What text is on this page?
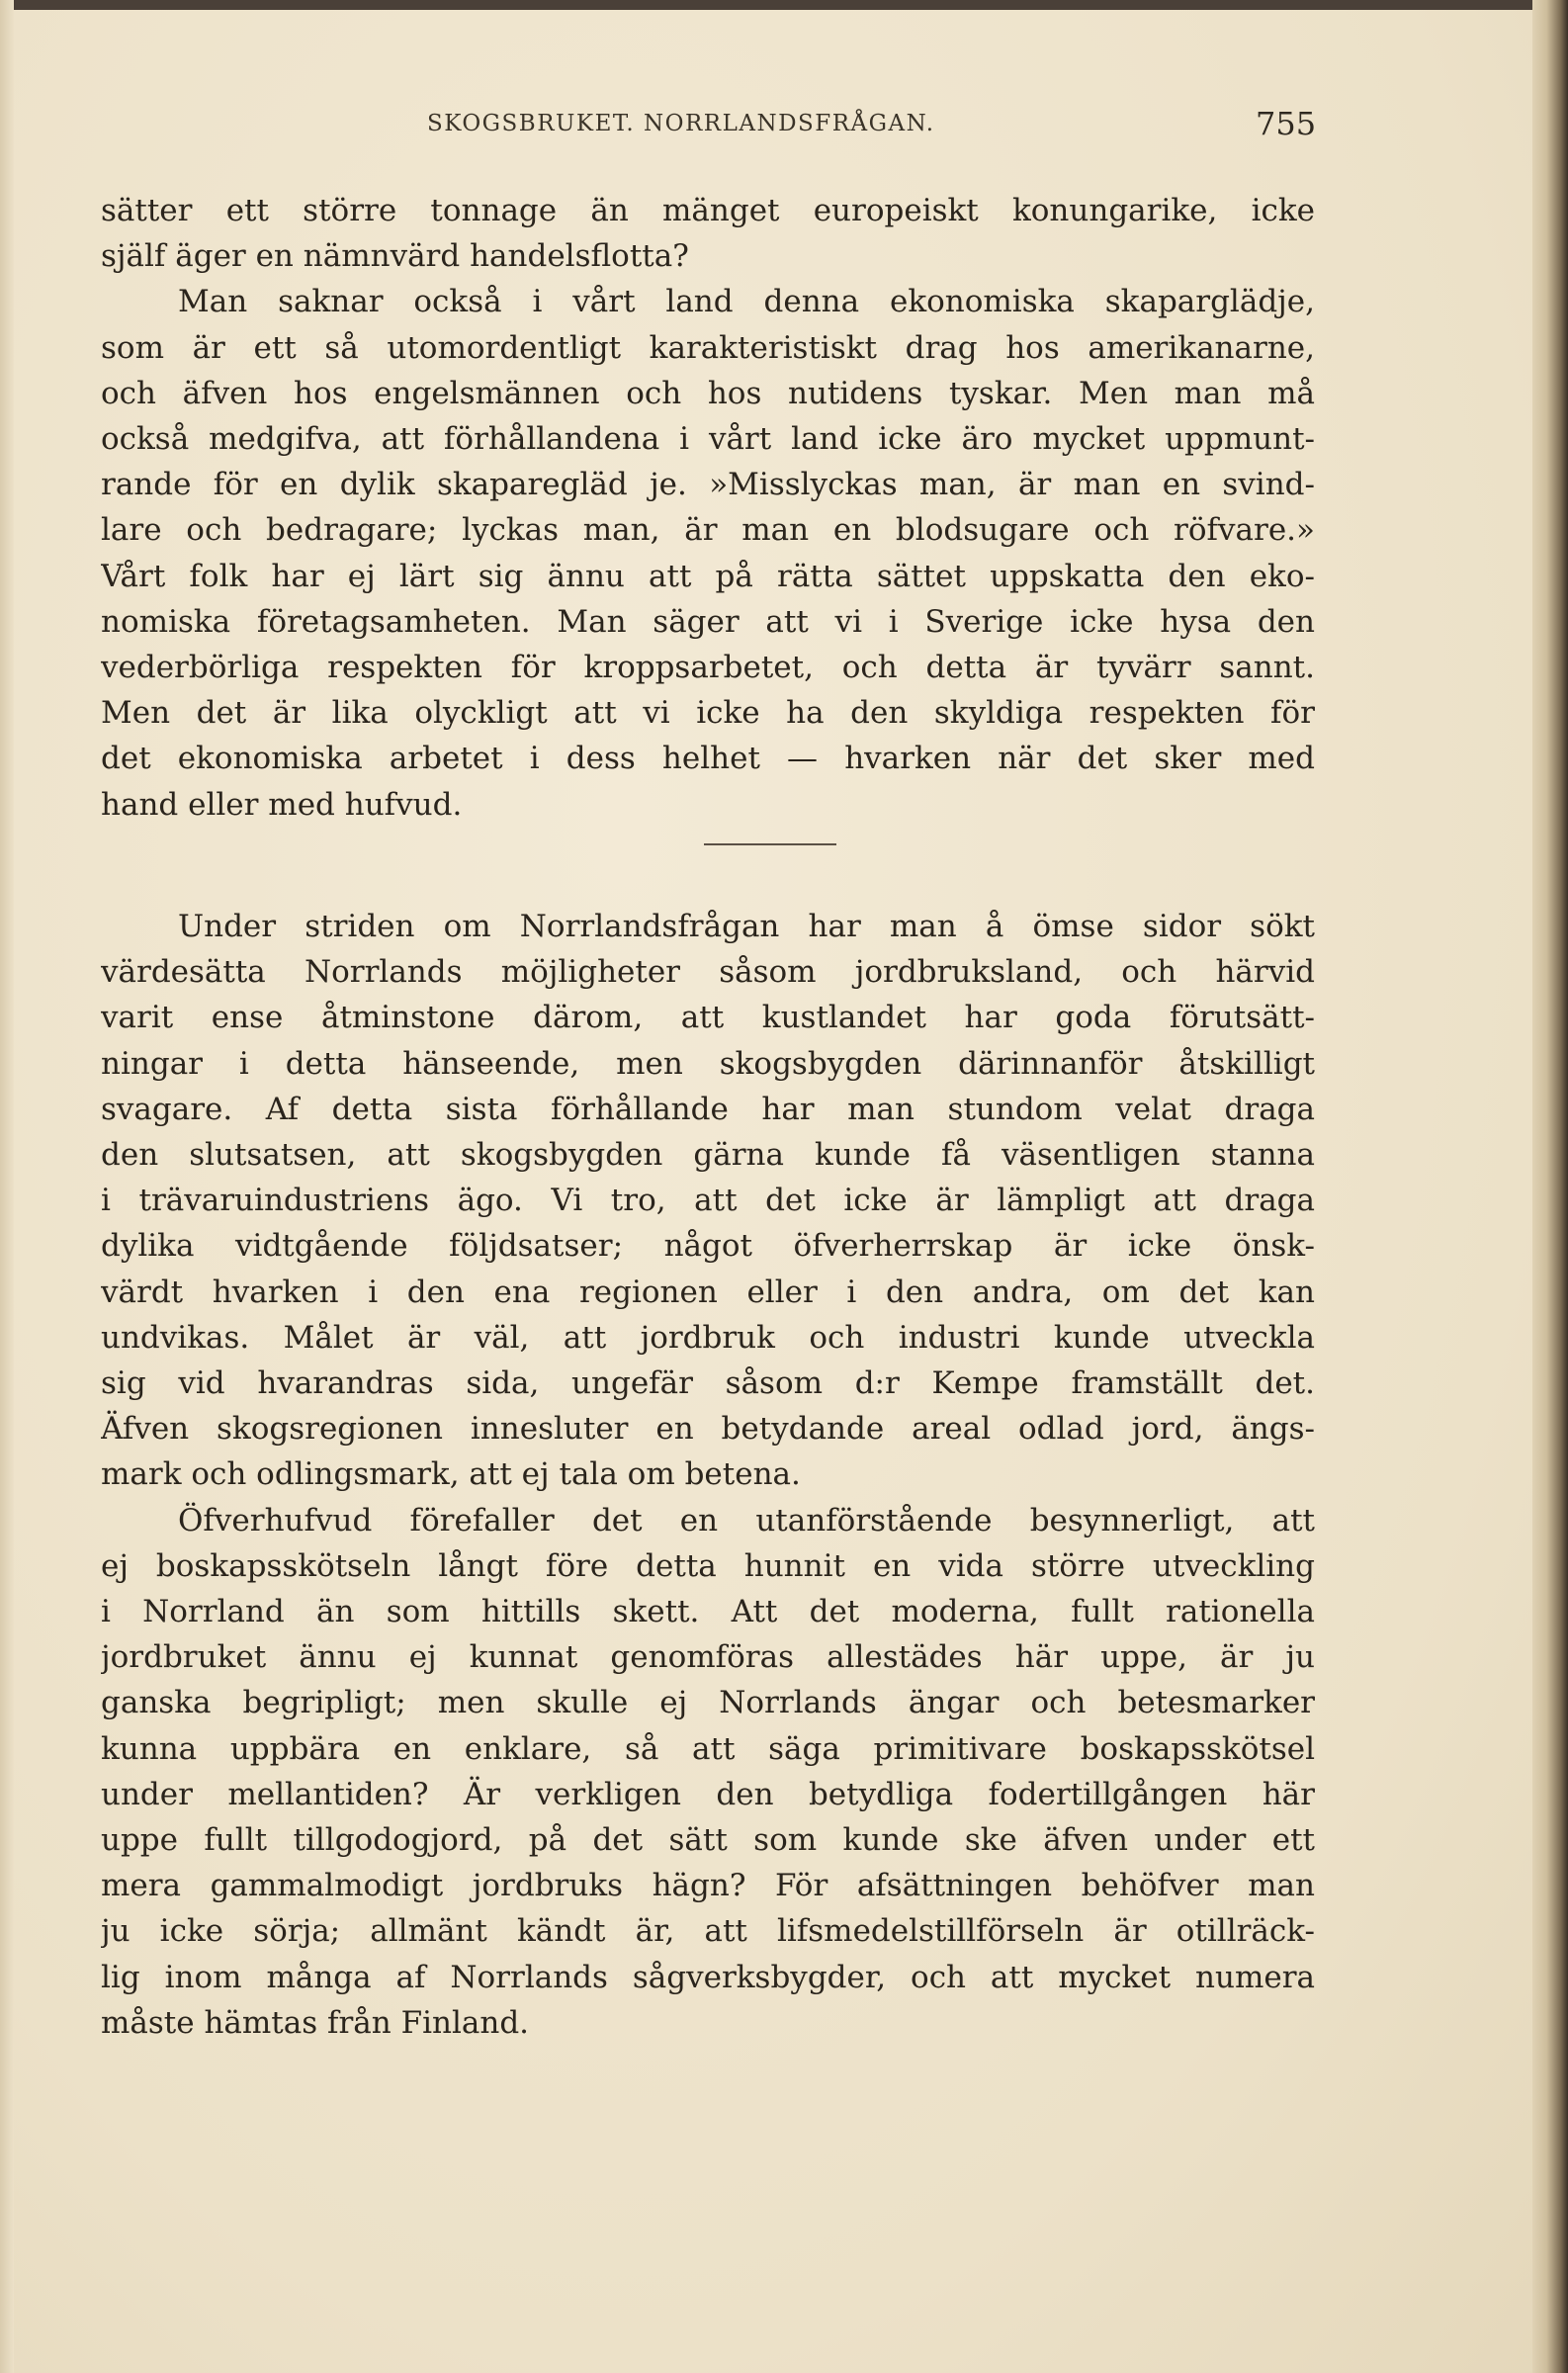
SKOGSBRUKET. NORRLANDSFRÅGAN.	755
sätter ett större tonnage än mänget europeiskt konungarike, icke
själf äger en nämnvärd handelsflotta?
Man saknar också i vårt land denna ekonomiska skaparglädje,
som är ett så utomordentligt karakteristiskt drag hos amerikanarne,
och äfven hos engelsmännen och hos nutidens tyskar. Men man må
också medgifva, att förhållandena i vårt land icke äro mycket uppmunt-
rande för en dylik skaparegläd je. »Misslyckas man, är man en svind-
lare och bedragare; lyckas man, är man en blodsugare och röfvare.»
Vårt folk har ej lärt sig ännu att på rätta sättet uppskatta den eko-
nomiska företagsamheten. Man säger att vi i Sverige icke hysa den
vederbörliga respekten för kroppsarbetet, och detta är tyvärr sannt.
Men det är lika olyckligt att vi icke ha den skyldiga respekten för
det ekonomiska arbetet i dess helhet — hvarken när det sker med
hand eller med hufvud.
Under striden om Norrlandsfrågan har man å ömse sidor sökt
värdesätta Norrlands möjligheter såsom jordbruksland, och härvid
varit ense åtminstone därom, att kustlandet har goda förutsätt-
ningar i detta hänseende, men skogsbygden därinnanför åtskilligt
svagare. Af detta sista förhållande har man stundom velat draga
den slutsatsen, att skogsbygden gärna kunde få väsentligen stanna
i trävaruindustriens ägo. Vi tro, att det icke är lämpligt att draga
dylika vidtgående följdsatser; något öfverherrskap är icke önsk-
värdt hvarken i den ena regionen eller i den andra, om det kan
undvikas. Målet är väl, att jordbruk och industri kunde utveckla
sig vid hvarandras sida, ungefär såsom d:r Kempe framställt det.
Äfven skogsregionen innesluter en betydande areal odlad jord, ängs-
mark och odlingsmark, att ej tala om betena.
Öfverhufvud förefaller det en utanförstående besynnerligt, att
ej boskapsskötseln långt före detta hunnit en vida större utveckling
i Norrland än som hittills skett. Att det moderna, fullt rationella
jordbruket ännu ej kunnat genomföras allestädes här uppe, är ju
ganska begripligt; men skulle ej Norrlands ängar och betesmarker
kunna uppbära en enklare, så att säga primitivare boskapsskötsel
under mellantiden? Är verkligen den betydliga fodertillgången här
uppe fullt tillgodogjord, på det sätt som kunde ske äfven under ett
mera gammalmodigt jordbruks hägn? För afsättningen behöfver man
ju icke sörja; allmänt kändt är, att lifsmedelstillförseln är otillräck-
lig inom många af Norrlands sågverksbygder, och att mycket numera
måste hämtas från Finland.
